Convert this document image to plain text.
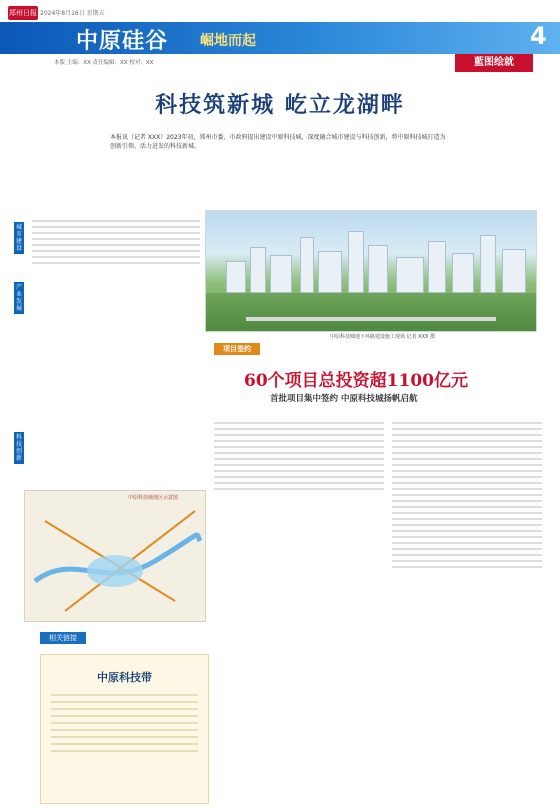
郑州日报 2024年8月16日 星期五
中原硅谷 崛地而起	4
本版 主编：XX 责任编辑：XX 校对：XX	藍图绘就
科技筑新城 屹立龙湖畔
本报讯（记者 XXX）2023年初，郑州市委、市政府提出建设中原科技城，深度融合城市建设与科技创新，将中原科技城打造为创新引领、活力迸发的科技新城。
城市建设
产业发展
科技创新
中原科技城地下环路建设施工现场 记者 XXX 摄
项目签约
60个项目总投资超1100亿元
首批项目集中签约 中原科技城扬帆启航
中原科技城地区示意图
相关链接
中原科技带
